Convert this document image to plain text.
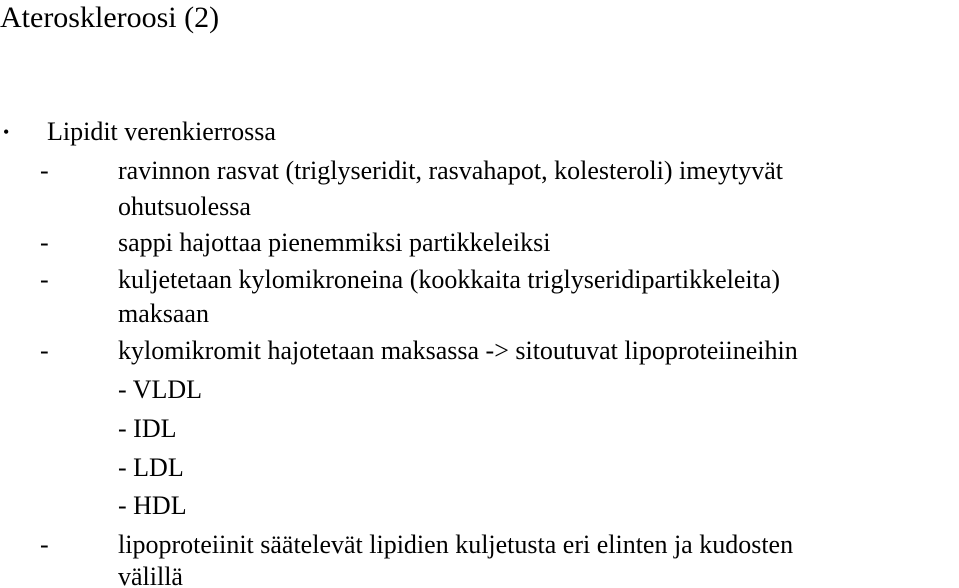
Ateroskleroosi (2)
• Lipidit verenkierrossa
-	ravinnon rasvat (triglyseridit, rasvahapot, kolesteroli) imeytyvät
ohutsuolessa
-	sappi hajottaa pienemmiksi partikkeleiksi
-	kuljetetaan kylomikroneina (kookkaita triglyseridipartikkeleita)
maksaan
-	kylomikromit hajotetaan maksassa -> sitoutuvat lipoproteiineihin
- VLDL
- IDL
- LDL
- HDL
-	lipoproteiinit säätelevät lipidien kuljetusta eri elinten ja kudosten
välillä
